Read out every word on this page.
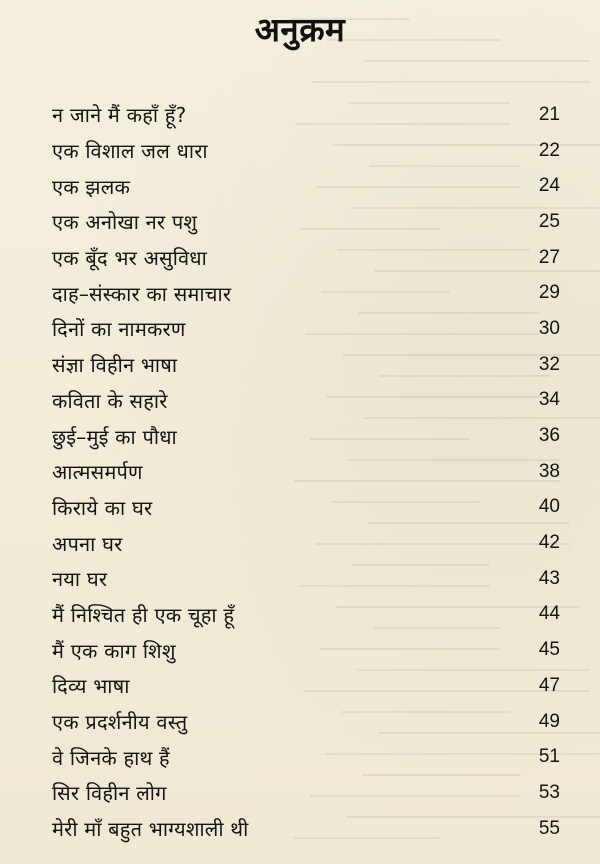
अनुक्रम
न जाने मैं कहाँ हूँ?	21
एक विशाल जल धारा	22
एक झलक	24
एक अनोखा नर पशु	25
एक बूँद भर असुविधा	27
दाह–संस्कार का समाचार	29
दिनों का नामकरण	30
संज्ञा विहीन भाषा	32
कविता के सहारे	34
छुई–मुई का पौधा	36
आत्मसमर्पण	38
किराये का घर	40
अपना घर	42
नया घर	43
मैं निश्चित ही एक चूहा हूँ	44
मैं एक काग शिशु	45
दिव्य भाषा	47
एक प्रदर्शनीय वस्तु	49
वे जिनके हाथ हैं	51
सिर विहीन लोग	53
मेरी माँ बहुत भाग्यशाली थी	55
